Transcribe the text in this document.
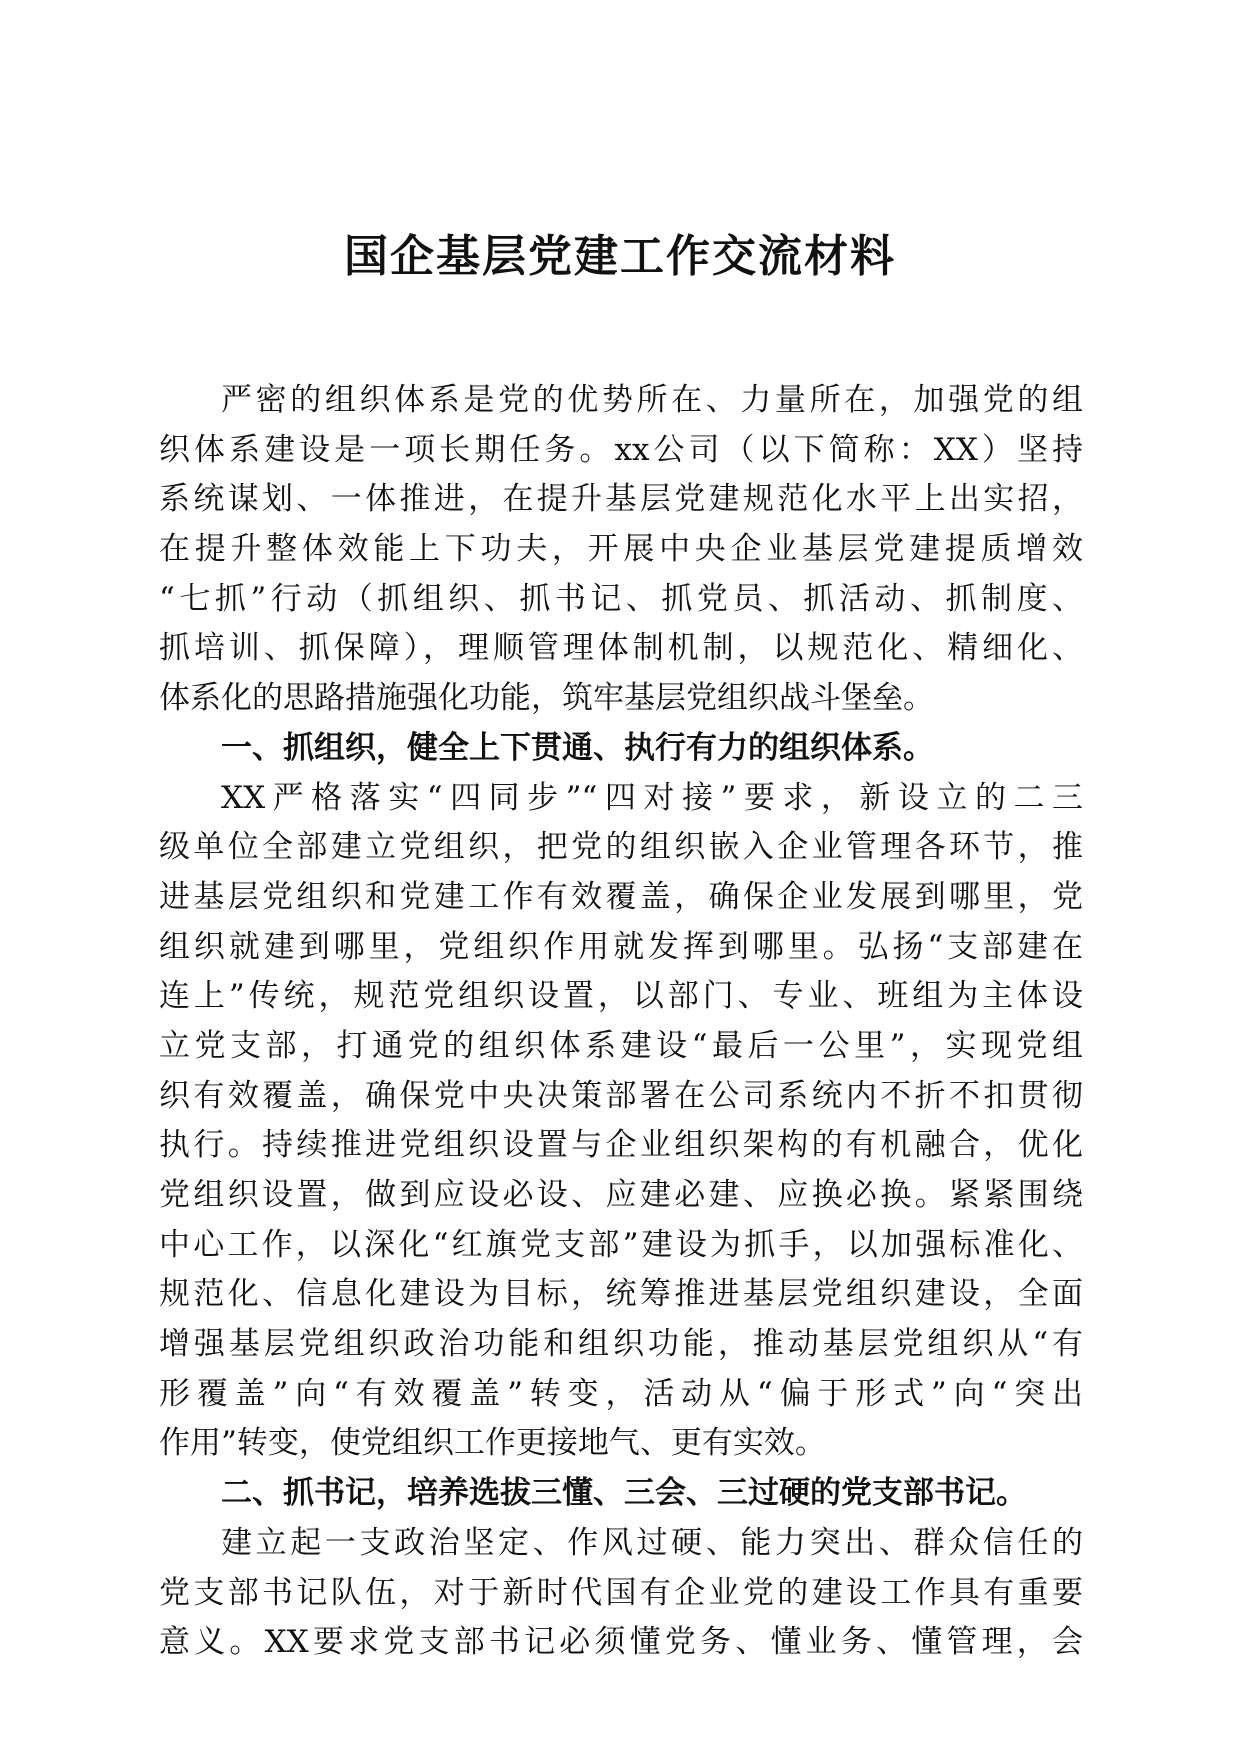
国企基层党建工作交流材料
严密的组织体系是党的优势所在、力量所在，加强党的组
织体系建设是一项长期任务。xx公司（以下简称：XX）坚持
系统谋划、一体推进，在提升基层党建规范化水平上出实招，
在提升整体效能上下功夫，开展中央企业基层党建提质增效
“七抓”行动（抓组织、抓书记、抓党员、抓活动、抓制度、
抓培训、抓保障），理顺管理体制机制，以规范化、精细化、
体系化的思路措施强化功能，筑牢基层党组织战斗堡垒。
一、抓组织，健全上下贯通、执行有力的组织体系。
XX严格落实“四同步”“四对接”要求，新设立的二三
级单位全部建立党组织，把党的组织嵌入企业管理各环节，推
进基层党组织和党建工作有效覆盖，确保企业发展到哪里，党
组织就建到哪里，党组织作用就发挥到哪里。弘扬“支部建在
连上”传统，规范党组织设置，以部门、专业、班组为主体设
立党支部，打通党的组织体系建设“最后一公里”，实现党组
织有效覆盖，确保党中央决策部署在公司系统内不折不扣贯彻
执行。持续推进党组织设置与企业组织架构的有机融合，优化
党组织设置，做到应设必设、应建必建、应换必换。紧紧围绕
中心工作，以深化“红旗党支部”建设为抓手，以加强标准化、
规范化、信息化建设为目标，统筹推进基层党组织建设，全面
增强基层党组织政治功能和组织功能，推动基层党组织从“有
形覆盖”向“有效覆盖”转变，活动从“偏于形式”向“突出
作用”转变，使党组织工作更接地气、更有实效。
二、抓书记，培养选拔三懂、三会、三过硬的党支部书记。
建立起一支政治坚定、作风过硬、能力突出、群众信任的
党支部书记队伍，对于新时代国有企业党的建设工作具有重要
意义。XX要求党支部书记必须懂党务、懂业务、懂管理，会
